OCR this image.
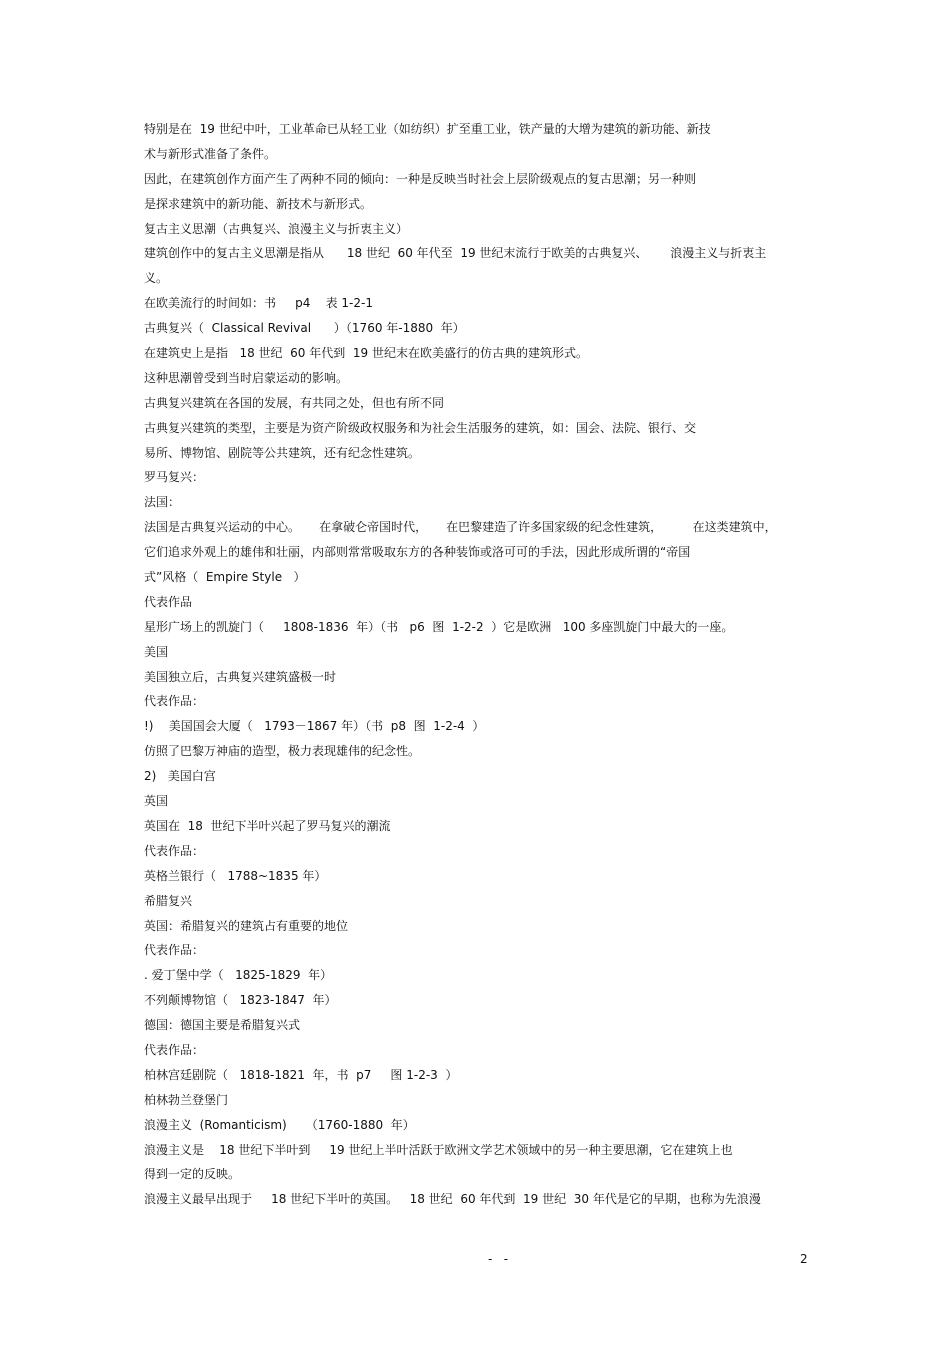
特别是在  19 世纪中叶，工业革命已从轻工业（如纺织）扩至重工业，铁产量的大增为建筑的新功能、新技
术与新形式准备了条件。
因此，在建筑创作方面产生了两种不同的倾向：一种是反映当时社会上层阶级观点的复古思潮；另一种则
是探求建筑中的新功能、新技术与新形式。
复古主义思潮（古典复兴、浪漫主义与折衷主义）
建筑创作中的复古主义思潮是指从      18 世纪  60 年代至  19 世纪末流行于欧美的古典复兴、      浪漫主义与折衷主
义。
在欧美流行的时间如：书     p4    表 1-2-1
古典复兴（  Classical Revival      ）（1760 年-1880  年）
在建筑史上是指   18 世纪  60 年代到  19 世纪末在欧美盛行的仿古典的建筑形式。
这种思潮曾受到当时启蒙运动的影响。
古典复兴建筑在各国的发展，有共同之处，但也有所不同
古典复兴建筑的类型，主要是为资产阶级政权服务和为社会生活服务的建筑，如：国会、法院、银行、交
易所、博物馆、剧院等公共建筑，还有纪念性建筑。
罗马复兴：
法国：
法国是古典复兴运动的中心。     在拿破仑帝国时代，     在巴黎建造了许多国家级的纪念性建筑，        在这类建筑中，
它们追求外观上的雄伟和壮丽，内部则常常吸取东方的各种装饰或洛可可的手法，因此形成所谓的“帝国
式”风格（  Empire Style   ）
代表作品
星形广场上的凯旋门（     1808-1836  年）（书   p6  图  1-2-2  ）它是欧洲   100 多座凯旋门中最大的一座。
美国
美国独立后，古典复兴建筑盛极一时
代表作品：
!)    美国国会大厦（   1793－1867 年）（书  p8  图  1-2-4  ）
仿照了巴黎万神庙的造型，极力表现雄伟的纪念性。
2)   美国白宫
英国
英国在  18  世纪下半叶兴起了罗马复兴的潮流
代表作品：
英格兰银行（   1788~1835 年）
希腊复兴
英国：希腊复兴的建筑占有重要的地位
代表作品：
. 爱丁堡中学（   1825-1829  年）
不列颠博物馆（   1823-1847  年）
德国：德国主要是希腊复兴式
代表作品：
柏林宫廷剧院（   1818-1821  年，书  p7     图 1-2-3  ）
柏林勃兰登堡门
浪漫主义  (Romanticism)     （1760-1880  年）
浪漫主义是    18 世纪下半叶到     19 世纪上半叶活跃于欧洲文学艺术领域中的另一种主要思潮，它在建筑上也
得到一定的反映。
浪漫主义最早出现于     18 世纪下半叶的英国。   18 世纪  60 年代到  19 世纪  30 年代是它的早期，也称为先浪漫
-   -	2
